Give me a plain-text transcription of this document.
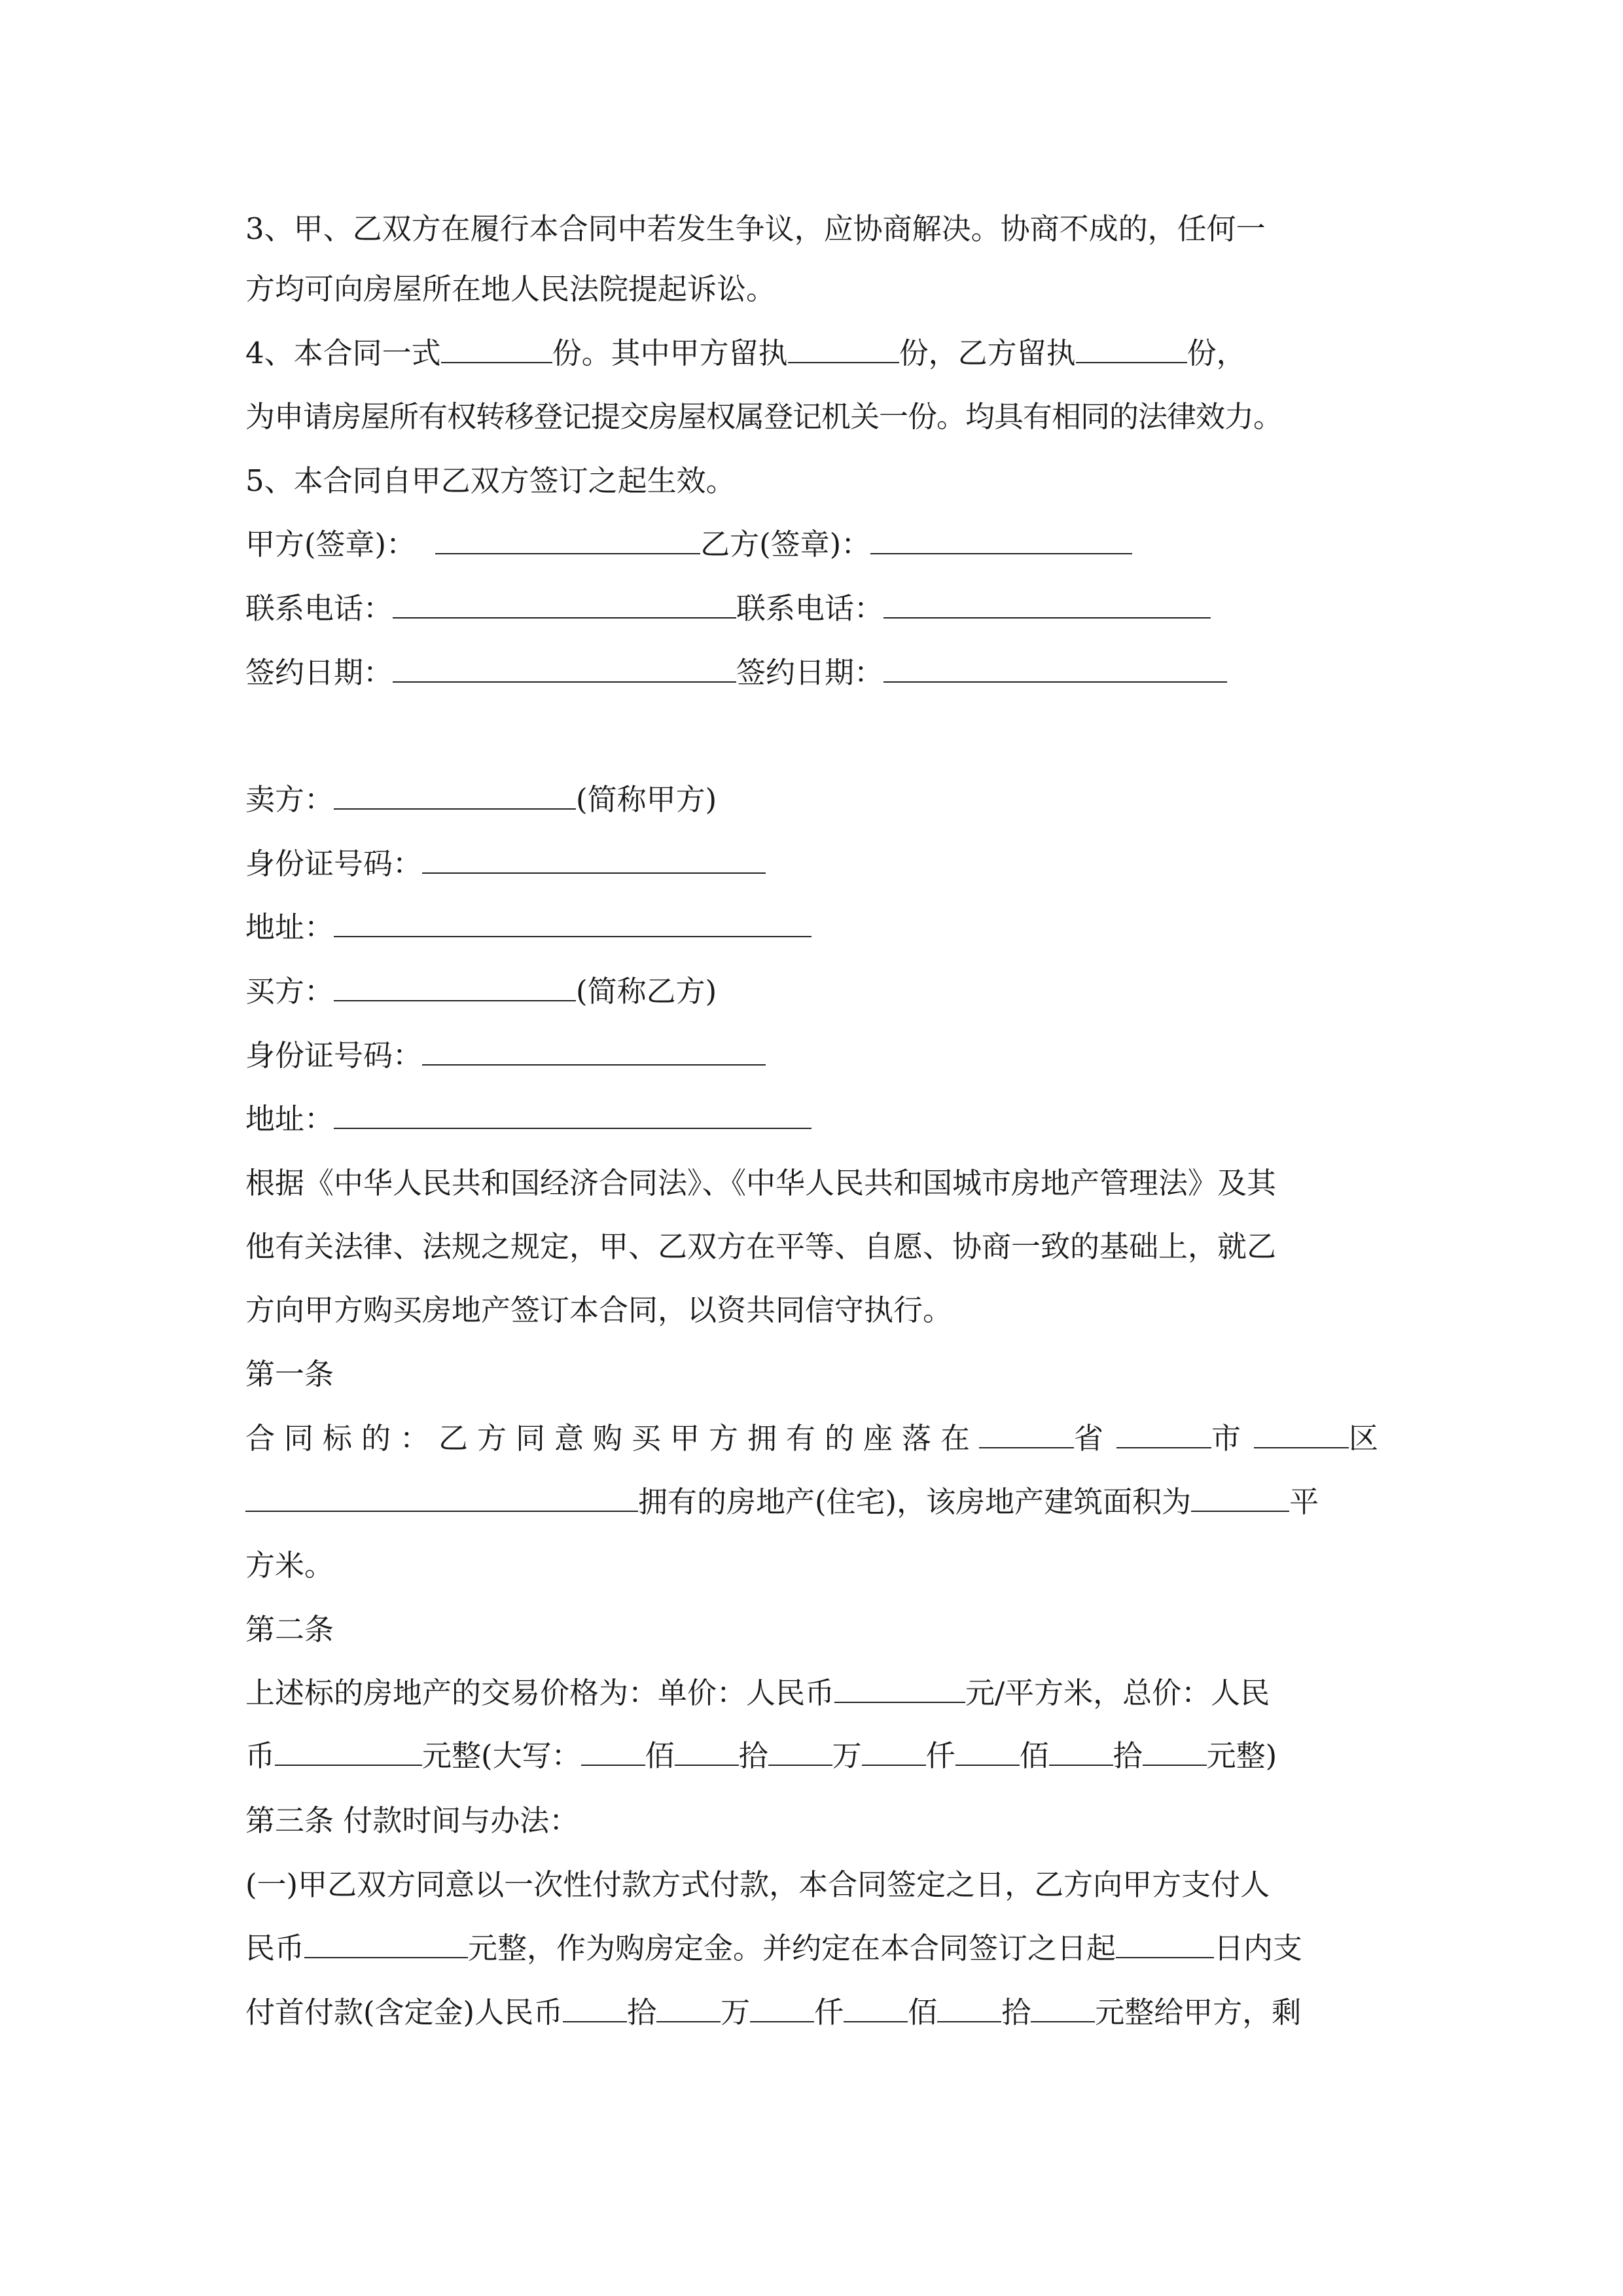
3、甲、乙双方在履行本合同中若发生争议，应协商解决。协商不成的，任何一
方均可向房屋所在地人民法院提起诉讼。
4、本合同一式	份。其中甲方留执	份，乙方留执	份，
为申请房屋所有权转移登记提交房屋权属登记机关一份。均具有相同的法律效力。
5、本合同自甲乙双方签订之起生效。
甲方(签章)：	乙方(签章)：
联系电话：	联系电话：
签约日期：	签约日期：
卖方：	(简称甲方)
身份证号码：
地址：
买方：	(简称乙方)
身份证号码：
地址：
根据《中华人民共和国经济合同法》、《中华人民共和国城市房地产管理法》及其
他有关法律、法规之规定，甲、乙双方在平等、自愿、协商一致的基础上，就乙
方向甲方购买房地产签订本合同，以资共同信守执行。
第一条
合同标的：乙方同意购买甲方拥有的座落在	省	市	区
拥有的房地产(住宅)，该房地产建筑面积为	平
方米。
第二条
上述标的房地产的交易价格为：单价：人民币	元/平方米，总价：人民
币	元整(大写： 佰 拾 万 仟 佰 拾 元整)
第三条 付款时间与办法：
(一)甲乙双方同意以一次性付款方式付款，本合同签定之日，乙方向甲方支付人
民币	元整，作为购房定金。并约定在本合同签订之日起	日内支
付首付款(含定金)人民币 拾 万 仟 佰 拾 元整给甲方，剩
